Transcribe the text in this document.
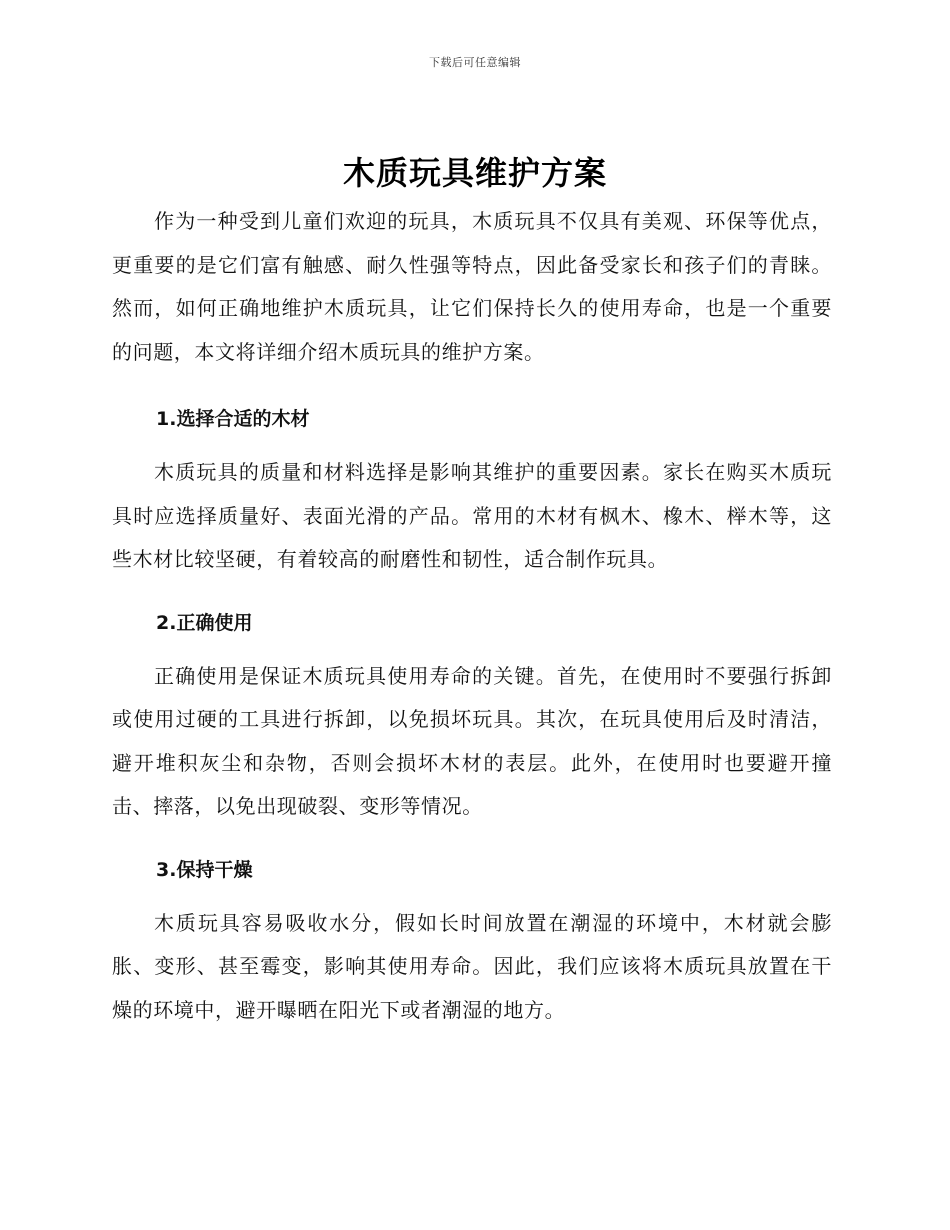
下载后可任意编辑
木质玩具维护方案

作为一种受到儿童们欢迎的玩具，木质玩具不仅具有美观、环保等优点，更重要的是它们富有触感、耐久性强等特点，因此备受家长和孩子们的青睐。然而，如何正确地维护木质玩具，让它们保持长久的使用寿命，也是一个重要的问题，本文将详细介绍木质玩具的维护方案。

1.选择合适的木材

木质玩具的质量和材料选择是影响其维护的重要因素。家长在购买木质玩具时应选择质量好、表面光滑的产品。常用的木材有枫木、橡木、榉木等，这些木材比较坚硬，有着较高的耐磨性和韧性，适合制作玩具。

2.正确使用

正确使用是保证木质玩具使用寿命的关键。首先，在使用时不要强行拆卸或使用过硬的工具进行拆卸，以免损坏玩具。其次，在玩具使用后及时清洁，避开堆积灰尘和杂物，否则会损坏木材的表层。此外，在使用时也要避开撞击、摔落，以免出现破裂、变形等情况。

3.保持干燥

木质玩具容易吸收水分，假如长时间放置在潮湿的环境中，木材就会膨胀、变形、甚至霉变，影响其使用寿命。因此，我们应该将木质玩具放置在干燥的环境中，避开曝晒在阳光下或者潮湿的地方。
